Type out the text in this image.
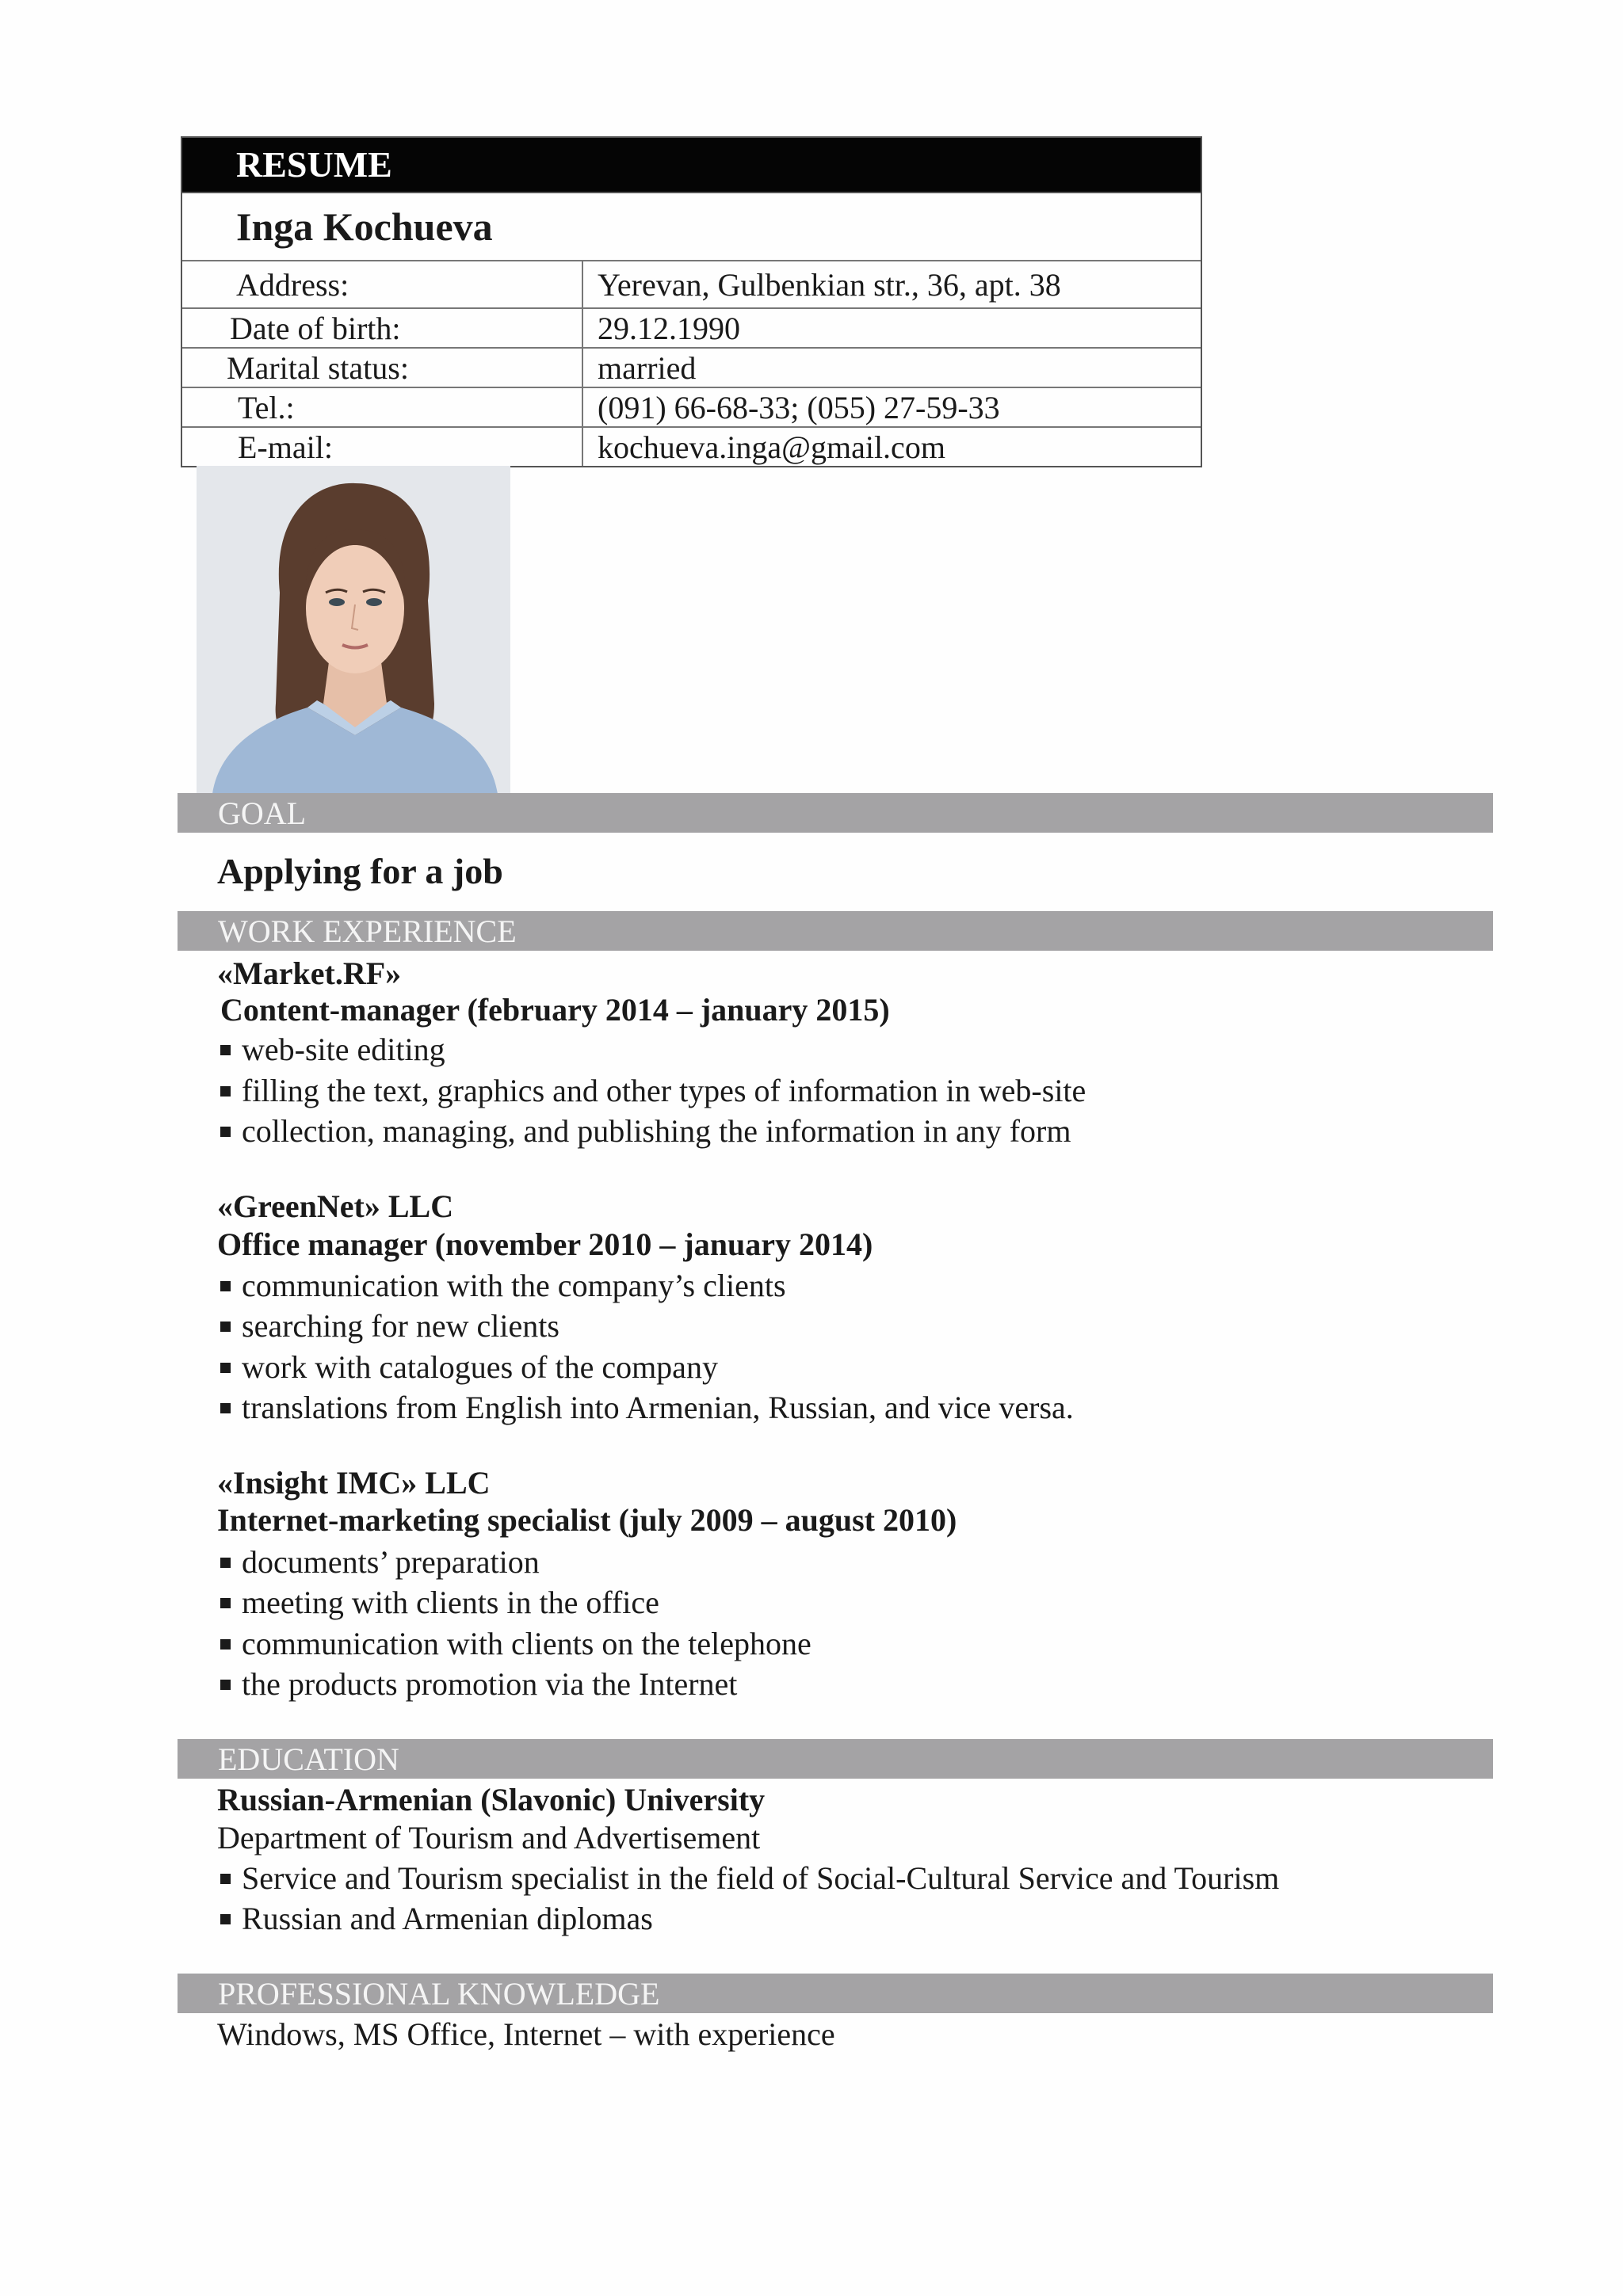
RESUME
Inga Kochueva
Address:	Yerevan, Gulbenkian str., 36, apt. 38
Date of birth:	29.12.1990
Marital status:	married
Tel.:	(091) 66-68-33; (055) 27-59-33
E-mail:	kochueva.inga@gmail.com
GOAL
Applying for a job
WORK EXPERIENCE
«Market.RF»
Content-manager (february 2014 – january 2015)
web-site editing
filling the text, graphics and other types of information in web-site
collection, managing, and publishing the information in any form
«GreenNet» LLC
Office manager (november 2010 – january 2014)
communication with the company’s clients
searching for new clients
work with catalogues of the company
translations from English into Armenian, Russian, and vice versa.
«Insight IMC» LLC
Internet-marketing specialist (july 2009 – august 2010)
documents’ preparation
meeting with clients in the office
communication with clients on the telephone
the products promotion via the Internet
EDUCATION
Russian-Armenian (Slavonic) University
Department of Tourism and Advertisement
Service and Tourism specialist in the field of Social-Cultural Service and Tourism
Russian and Armenian diplomas
PROFESSIONAL KNOWLEDGE
Windows, MS Office, Internet – with experience
